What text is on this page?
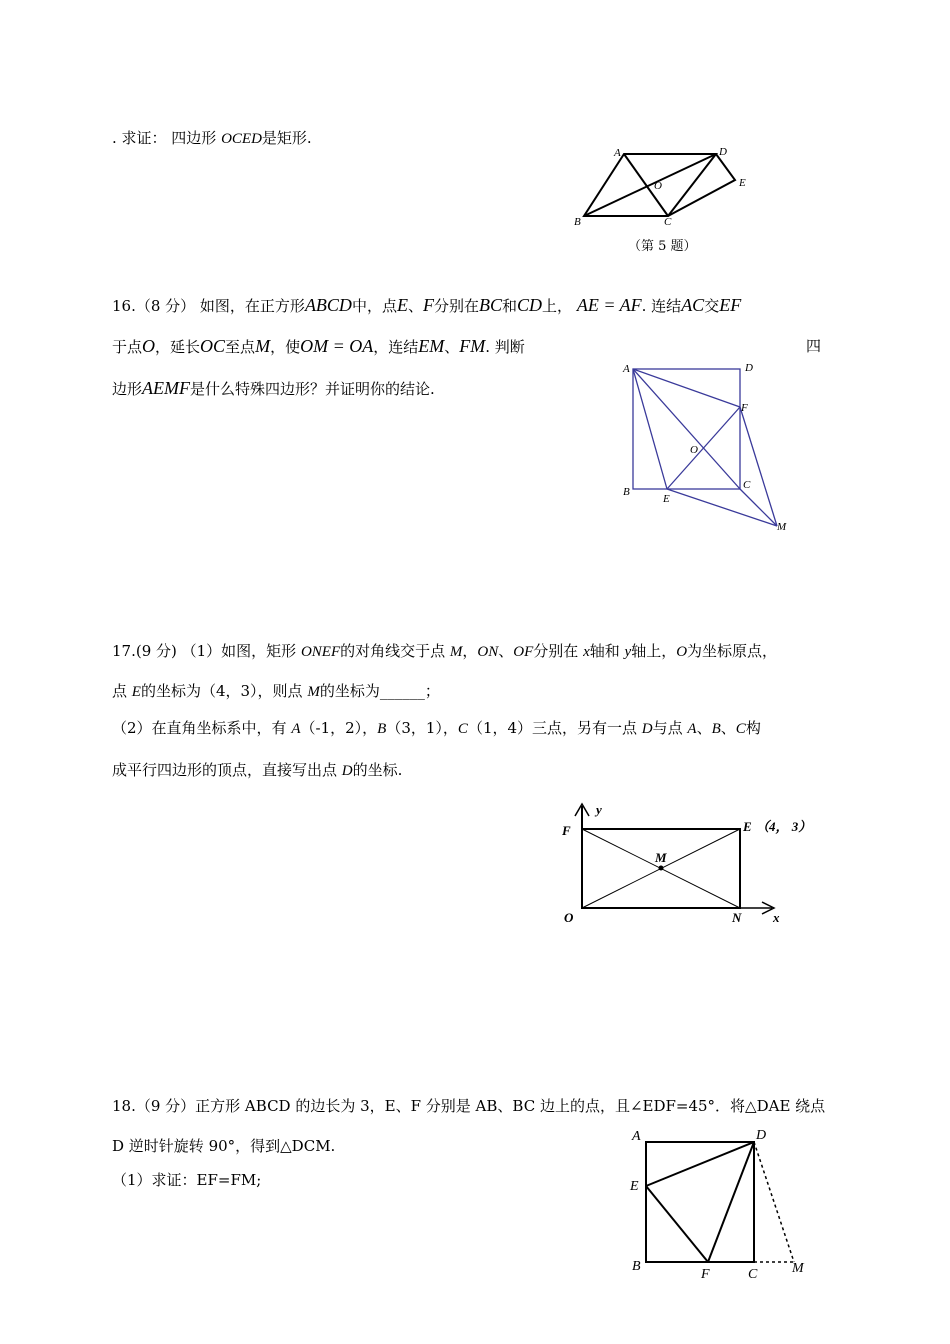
. 求证： 四边形 OCED是矩形.
A	D
E
O
B	C
（第 5 题）
16.（8 分） 如图，在正方形ABCD中，点E、F分别在BC和CD上， AE = AF. 连结AC交EF
于点O，延长OC至点M，使OM = OA，连结EM、FM. 判断	四
边形AEMF是什么特殊四边形？并证明你的结论.
A	D
F
O
C
B
E
M
17.(9 分) （1）如图，矩形 ONEF的对角线交于点 M，ON、OF分别在 x轴和 y轴上，O为坐标原点，
点 E的坐标为（4，3），则点 M的坐标为______；
（2）在直角坐标系中，有 A（-1，2），B（3，1），C（1，4）三点，另有一点 D与点 A、B、C构
成平行四边形的顶点，直接写出点 D的坐标.
y
F	E （4， 3）
M
O	N x
18.（9 分）正方形 ABCD 的边长为 3，E、F 分别是 AB、BC 边上的点，且∠EDF=45°．将△DAE 绕点
D 逆时针旋转 90°，得到△DCM.
（1）求证：EF=FM;
A	D
E
B
F	C M
